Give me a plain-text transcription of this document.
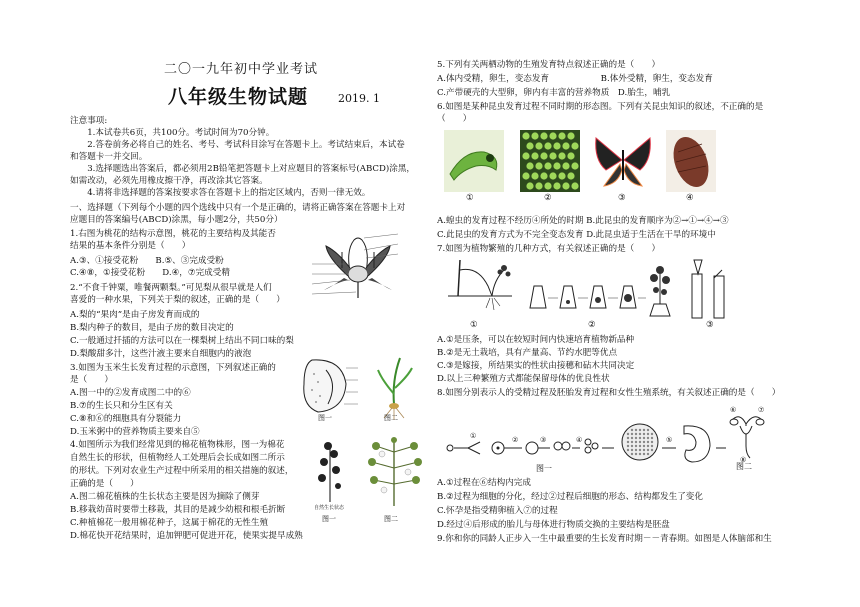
二〇一九年初中学业考试
八年级生物试题	2019. 1
注意事项:
　　1.本试卷共6页，共100分。考试时间为70分钟。
　　2.答卷前务必将自己的姓名、考号、考试科目涂写在答题卡上。考试结束后，本试卷
和答题卡一并交回。
　　3.选择题选出答案后，都必须用2B铅笔把答题卡上对应题目的答案标号(ABCD)涂黑，
如需改动，必须先用橡皮擦干净，再改涂其它答案。
　　4.请将非选择题的答案按要求答在答题卡上的指定区域内，否则一律无效。
一、选择题（下列每个小题的四个选线中只有一个是正确的，请将正确答案在答题卡上对
应题目的答案编号(ABCD)涂黑，每小题2分，共50分）
1.右图为桃花的结构示意图，桃花的主要结构及其能否
结果的基本条件分别是（　　）
A.③、①接受花粉　　B.⑤、③完成受粉
C.④⑧，①接受花粉　　D.④，⑦完成受精
2.“不食千钟粟，唯餐两颗梨。”可见梨从很早就是人们
喜爱的一种水果，下列关于梨的叙述，正确的是（　　）
A.梨的“果肉”是由子房发育而成的
B.梨内种子的数目，是由子房的数目决定的
C.一般通过扦插的方法可以在一棵梨树上结出不同口味的梨
D.梨酸甜多汁，这些汁液主要来自细胞内的液泡
3.如图为玉米生长发育过程的示意图，下列叙述正确的
是（　　）
A.图一中的②发育成图二中的⑥
B.⑦的生长只和分生区有关
C.⑧和⑥的细胞具有分裂能力
D.玉米粥中的营养物质主要来自⑤
4.如图所示为我们经常见到的棉花植物株形，图一为棉花
自然生长的形状，但植物经人工处理后会长成如图二所示
的形状。下列对农业生产过程中所采用的相关措施的叙述，
正确的是（　　）
A.图二棉花植株的生长状态主要是因为摘除了侧芽
B.移栽幼苗时要带土移栽，其目的是减少幼根和根毛折断
C.种植棉花一般用棉花种子，这属于棉花的无性生殖
D.棉花快开花结果时，追加钾肥可促进开花，使果实提早成熟
图一	图二
自然生长状态
图一	图二
5.下列有关两栖动物的生殖发育特点叙述正确的是（　　）
A.体内受精，卵生，变态发育　　　　　　B.体外受精，卵生，变态发育
C.产带硬壳的大型卵，卵内有丰富的营养物质　D.胎生，哺乳
6.如图是某种昆虫发育过程不同时期的形态图。下列有关昆虫知识的叙述，不正确的是
（　　）
A.蝗虫的发育过程不经历④所处的时期 B.此昆虫的发育顺序为②→①→④→③
C.此昆虫的发育方式为不完全变态发育 D.此昆虫适于生活在干旱的环境中
7.如图为植物繁殖的几种方式，有关叙述正确的是（　　）
A.①是压条，可以在较短时间内快速培育植物新品种
B.②是无土栽培，具有产量高、节约水肥等优点
C.③是嫁接，所结果实的性状由接穗和砧木共同决定
D.以上三种繁殖方式都能保留母体的优良性状
8.如图分别表示人的受精过程及胚胎发育过程和女性生殖系统，有关叙述正确的是（　　）
A.①过程在⑥结构内完成
B.②过程为细胞的分化，经过②过程后细胞的形态、结构都发生了变化
C.怀孕是指受精卵植入⑦的过程
D.经过④后形成的胎儿与母体进行物质交换的主要结构是胚盘
9.你和你的同龄人正步入一生中最重要的生长发育时期－－青春期。如图是人体脑部和生
①	②	③	④
①	②	③
①	②	③	④	⑤
⑥	⑦
⑧
图一	图二
